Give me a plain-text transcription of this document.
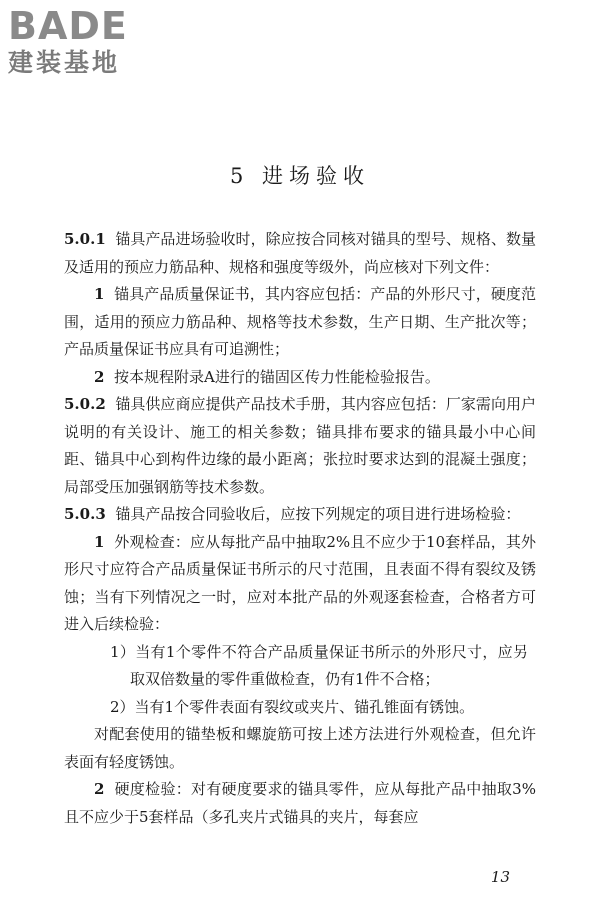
BADE
建装基地
5 进场验收

5.0.1 锚具产品进场验收时，除应按合同核对锚具的型号、规格、数量及适用的预应力筋品种、规格和强度等级外，尚应核对下列文件：

1 锚具产品质量保证书，其内容应包括：产品的外形尺寸，硬度范围，适用的预应力筋品种、规格等技术参数，生产日期、生产批次等；产品质量保证书应具有可追溯性；

2 按本规程附录A进行的锚固区传力性能检验报告。

5.0.2 锚具供应商应提供产品技术手册，其内容应包括：厂家需向用户说明的有关设计、施工的相关参数；锚具排布要求的锚具最小中心间距、锚具中心到构件边缘的最小距离；张拉时要求达到的混凝土强度；局部受压加强钢筋等技术参数。

5.0.3 锚具产品按合同验收后，应按下列规定的项目进行进场检验：

1 外观检查：应从每批产品中抽取2%且不应少于10套样品，其外形尺寸应符合产品质量保证书所示的尺寸范围，且表面不得有裂纹及锈蚀；当有下列情况之一时，应对本批产品的外观逐套检查，合格者方可进入后续检验：

1）当有1个零件不符合产品质量保证书所示的外形尺寸，应另取双倍数量的零件重做检查，仍有1件不合格；

2）当有1个零件表面有裂纹或夹片、锚孔锥面有锈蚀。

对配套使用的锚垫板和螺旋筋可按上述方法进行外观检查，但允许表面有轻度锈蚀。

2 硬度检验：对有硬度要求的锚具零件，应从每批产品中抽取3%且不应少于5套样品（多孔夹片式锚具的夹片，每套应

13
